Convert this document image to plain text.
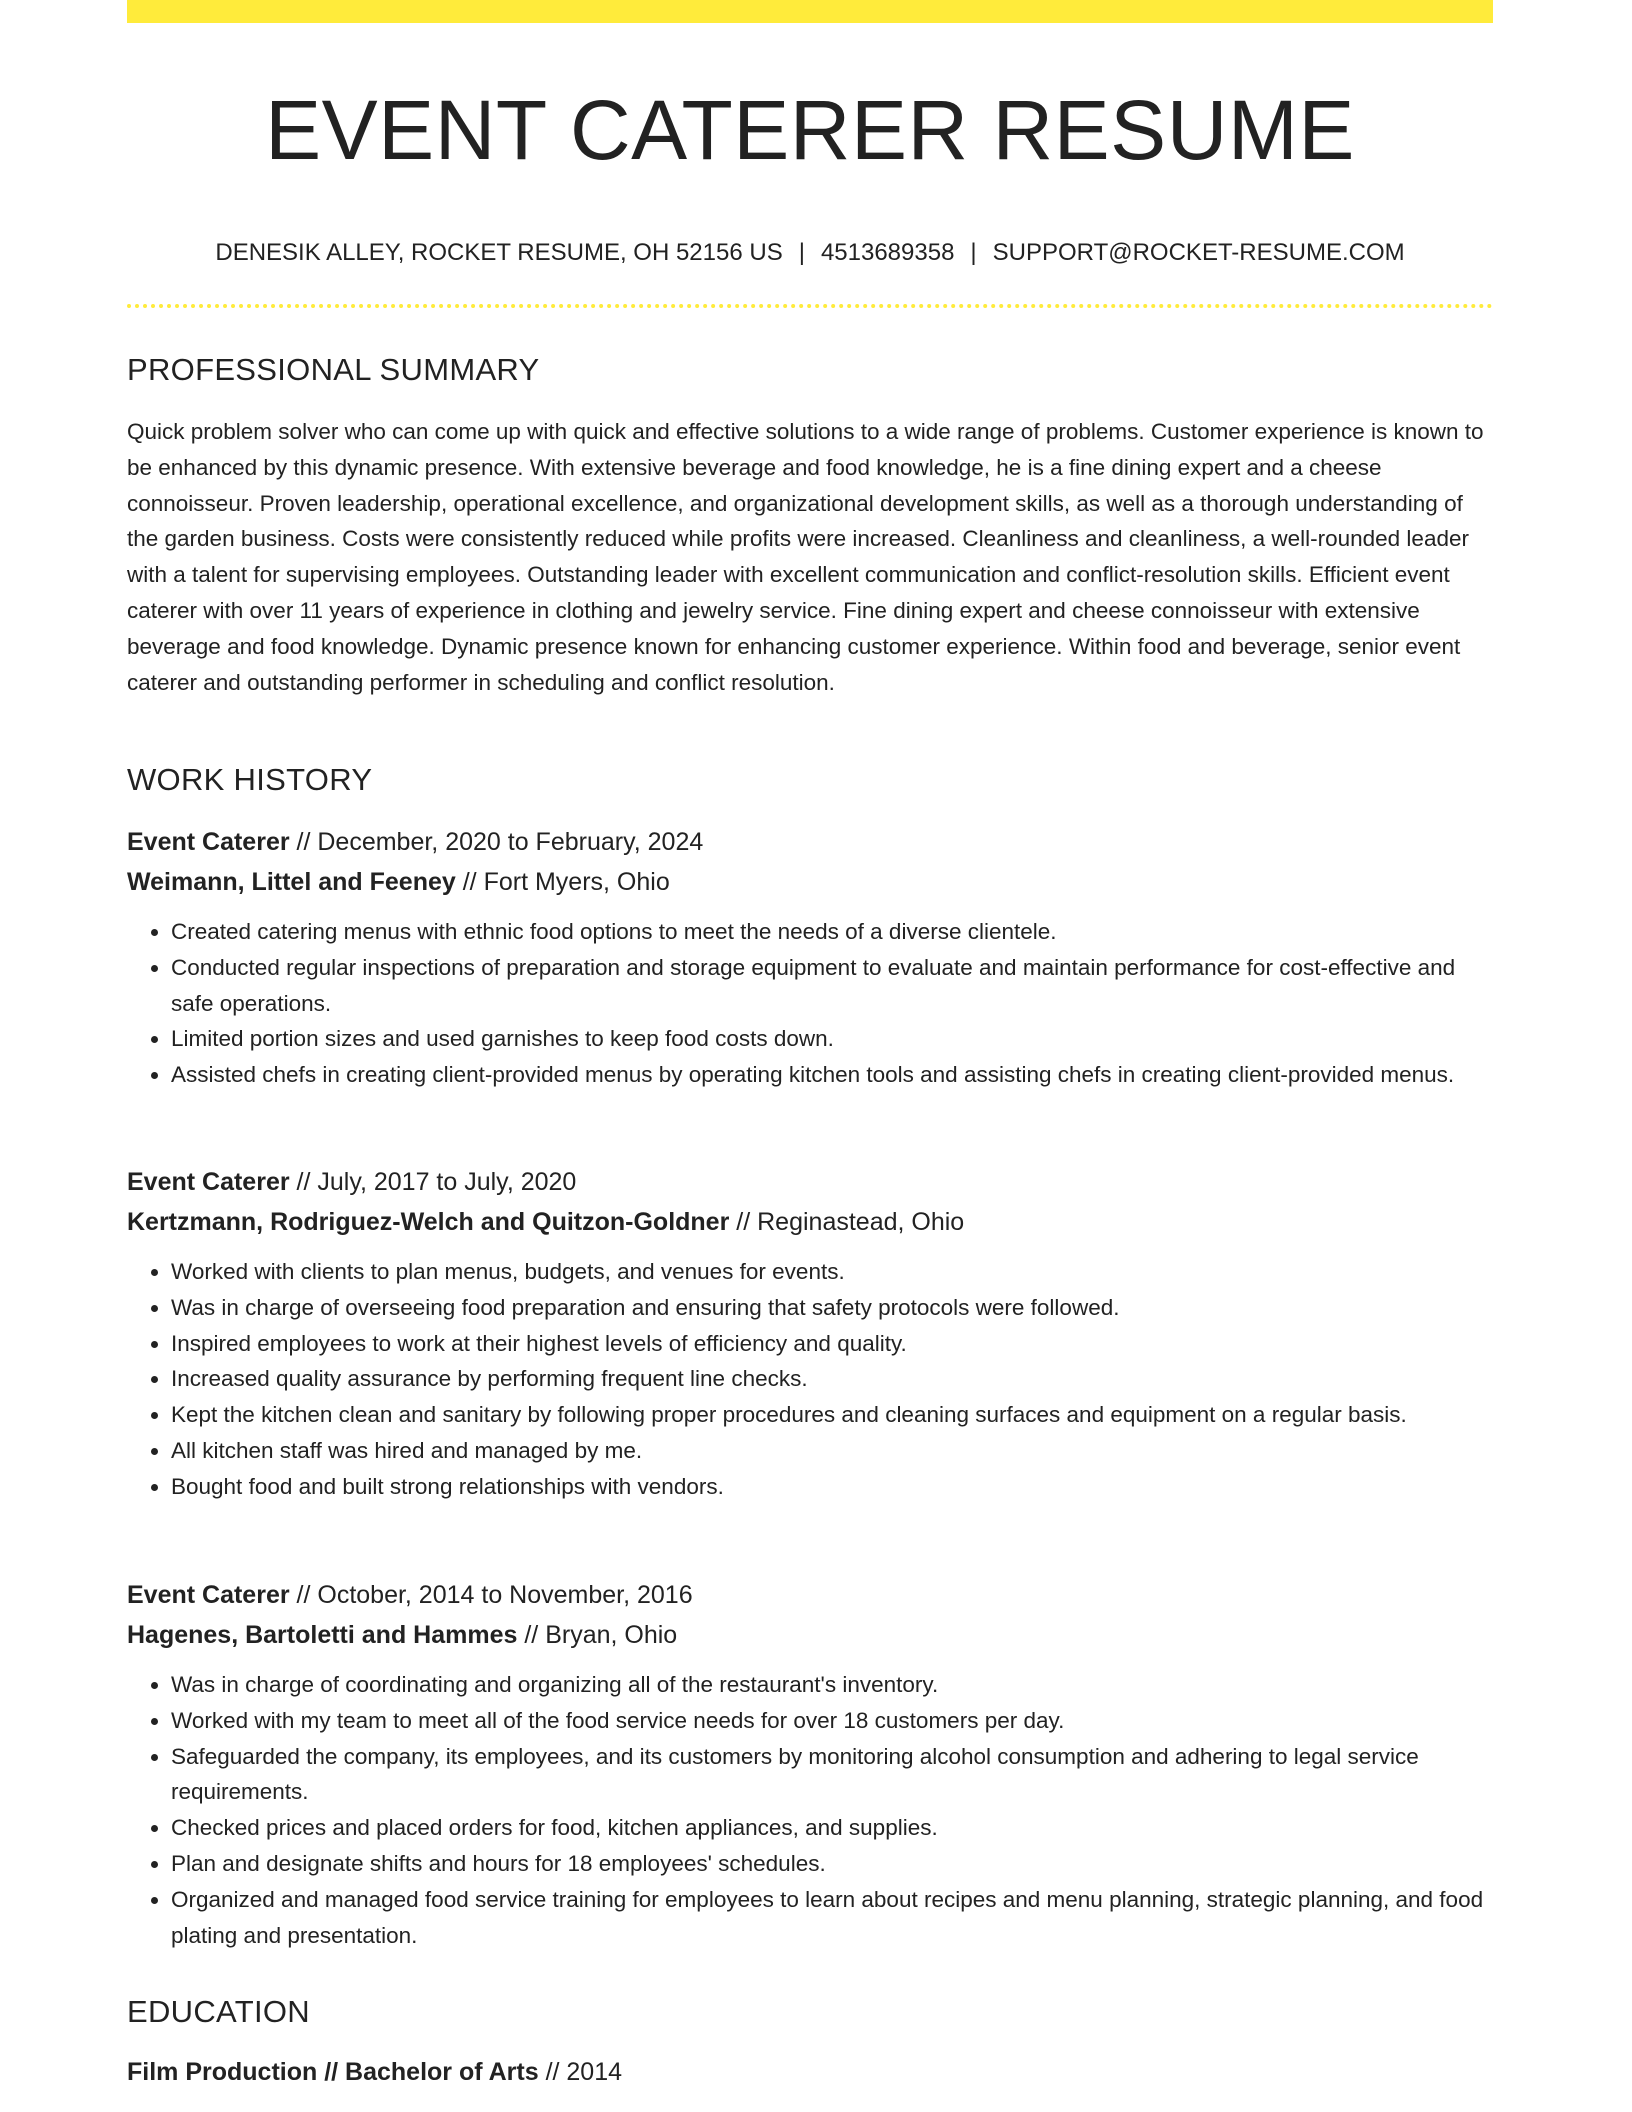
EVENT CATERER RESUME
DENESIK ALLEY, ROCKET RESUME, OH 52156 US | 4513689358 | SUPPORT@ROCKET-RESUME.COM
PROFESSIONAL SUMMARY

Quick problem solver who can come up with quick and effective solutions to a wide range of problems. Customer experience is known to be enhanced by this dynamic presence. With extensive beverage and food knowledge, he is a fine dining expert and a cheese connoisseur. Proven leadership, operational excellence, and organizational development skills, as well as a thorough understanding of the garden business. Costs were consistently reduced while profits were increased. Cleanliness and cleanliness, a well-rounded leader with a talent for supervising employees. Outstanding leader with excellent communication and conflict-resolution skills. Efficient event caterer with over 11 years of experience in clothing and jewelry service. Fine dining expert and cheese connoisseur with extensive beverage and food knowledge. Dynamic presence known for enhancing customer experience. Within food and beverage, senior event caterer and outstanding performer in scheduling and conflict resolution.

WORK HISTORY
Event Caterer // December, 2020 to February, 2024
Weimann, Littel and Feeney // Fort Myers, Ohio
• Created catering menus with ethnic food options to meet the needs of a diverse clientele.
• Conducted regular inspections of preparation and storage equipment to evaluate and maintain performance for cost-effective and safe operations.
• Limited portion sizes and used garnishes to keep food costs down.
• Assisted chefs in creating client-provided menus by operating kitchen tools and assisting chefs in creating client-provided menus.
Event Caterer // July, 2017 to July, 2020
Kertzmann, Rodriguez-Welch and Quitzon-Goldner // Reginastead, Ohio
• Worked with clients to plan menus, budgets, and venues for events.
• Was in charge of overseeing food preparation and ensuring that safety protocols were followed.
• Inspired employees to work at their highest levels of efficiency and quality.
• Increased quality assurance by performing frequent line checks.
• Kept the kitchen clean and sanitary by following proper procedures and cleaning surfaces and equipment on a regular basis.
• All kitchen staff was hired and managed by me.
• Bought food and built strong relationships with vendors.
Event Caterer // October, 2014 to November, 2016
Hagenes, Bartoletti and Hammes // Bryan, Ohio
• Was in charge of coordinating and organizing all of the restaurant's inventory.
• Worked with my team to meet all of the food service needs for over 18 customers per day.
• Safeguarded the company, its employees, and its customers by monitoring alcohol consumption and adhering to legal service requirements.
• Checked prices and placed orders for food, kitchen appliances, and supplies.
• Plan and designate shifts and hours for 18 employees' schedules.
• Organized and managed food service training for employees to learn about recipes and menu planning, strategic planning, and food plating and presentation.
EDUCATION
Film Production // Bachelor of Arts // 2014
